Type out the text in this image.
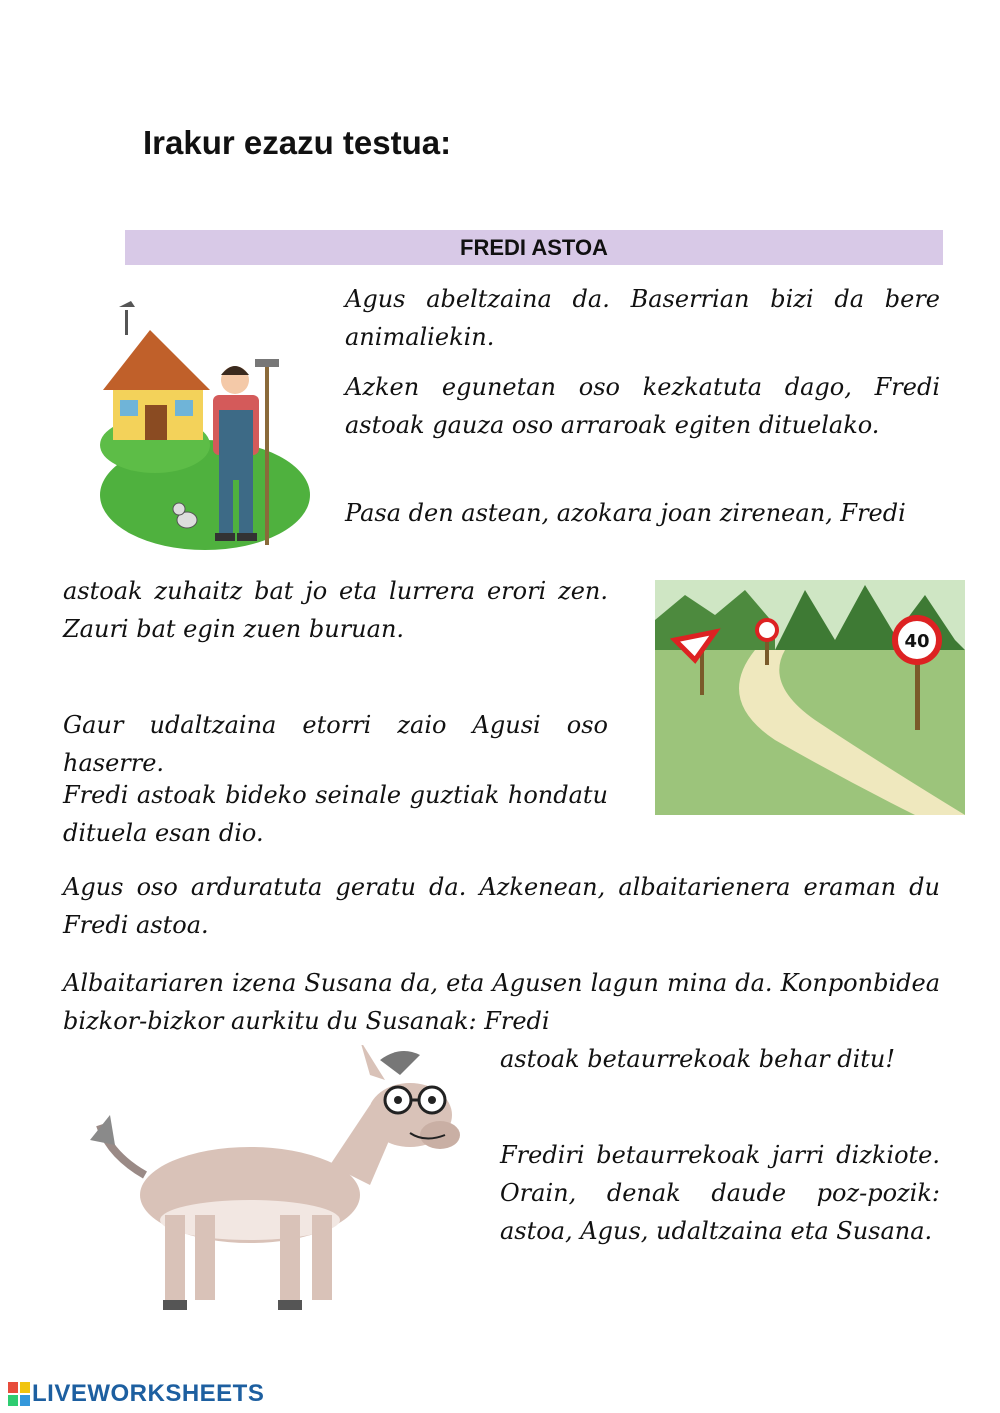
Irakur ezazu testua:
FREDI ASTOA
Agus abeltzaina da. Baserrian bizi da bere animaliekin.
Azken egunetan oso kezkatuta dago, Fredi astoak gauza oso arraroak egiten dituelako.
Pasa den astean, azokara joan zirenean, Fredi
40
astoak zuhaitz bat jo eta lurrera erori zen. Zauri bat egin zuen buruan.
Gaur udaltzaina etorri zaio Agusi oso haserre.
Fredi astoak bideko seinale guztiak hondatu dituela esan dio.
Agus oso arduratuta geratu da. Azkenean, albaitarienera eraman du Fredi astoa.
Albaitariaren izena Susana da, eta Agusen lagun mina da. Konponbidea bizkor-bizkor aurkitu du Susanak: Fredi
astoak betaurrekoak behar ditu!
Frediri betaurrekoak jarri dizkiote. Orain, denak daude poz-pozik: astoa, Agus, udaltzaina eta Susana.
LIVEWORKSHEETS
